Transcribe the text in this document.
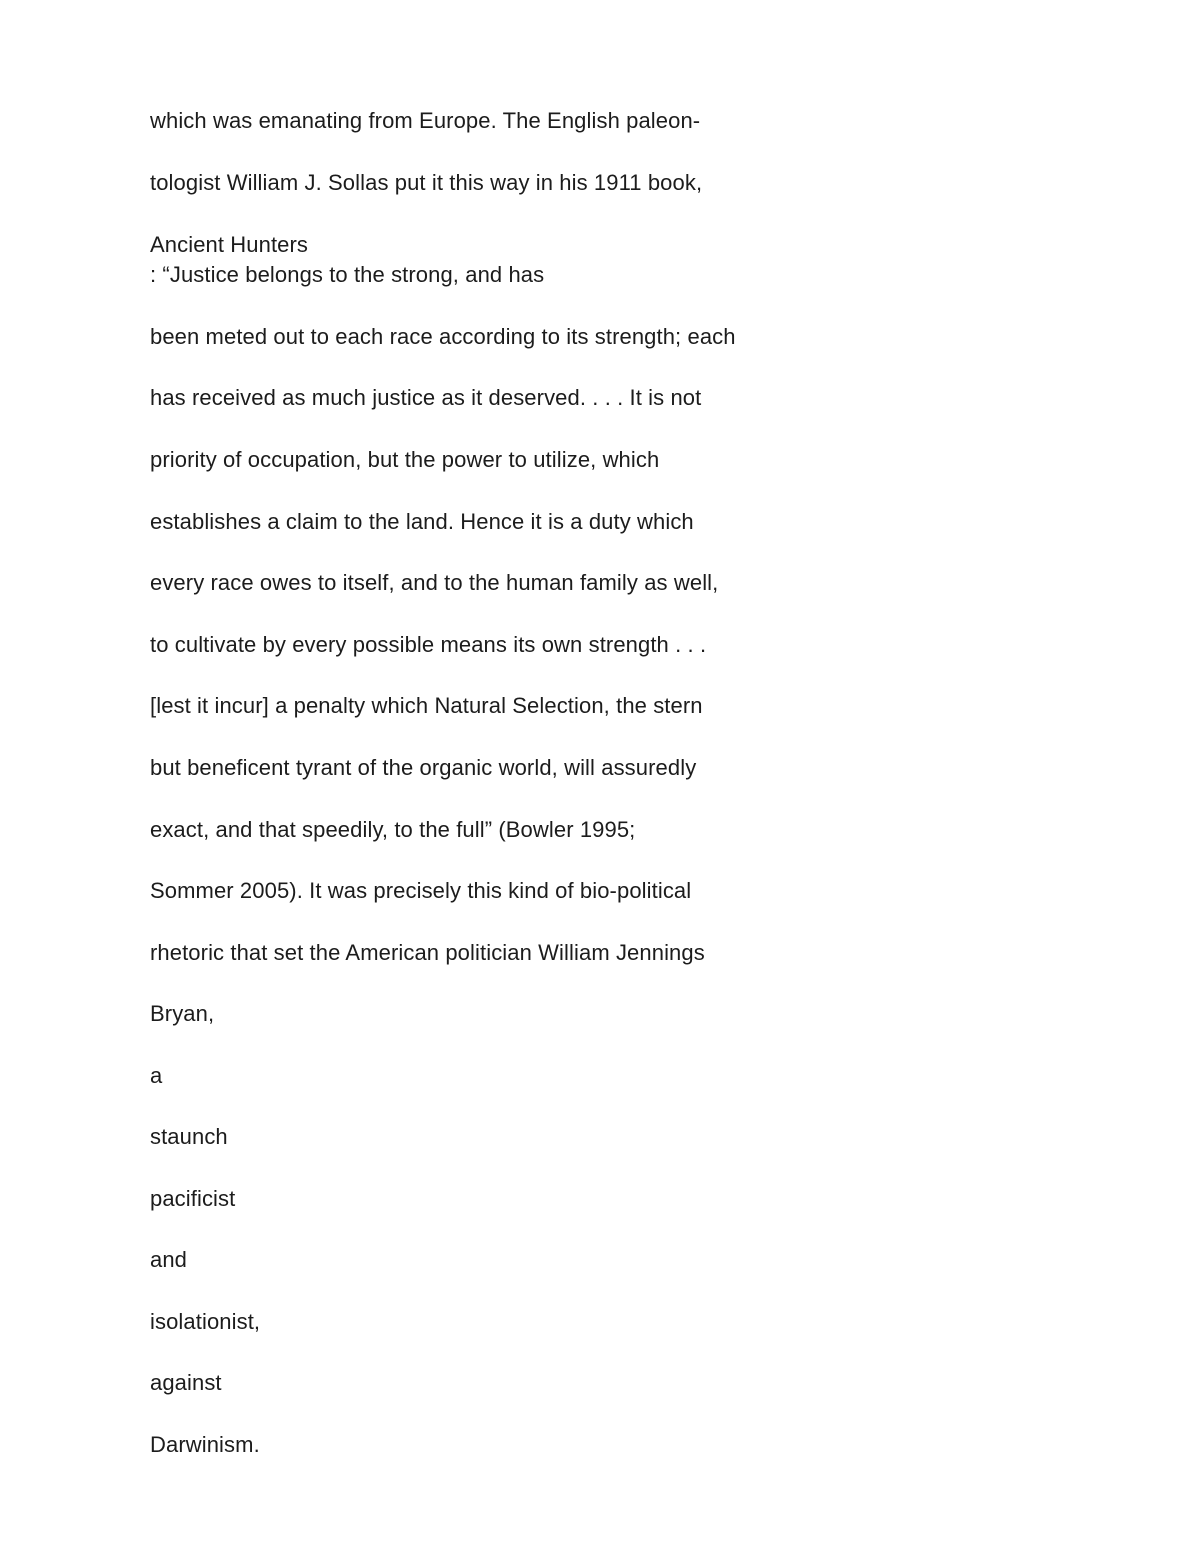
which was emanating from Europe. The English paleon-
tologist William J. Sollas put it this way in his 1911 book,
Ancient Hunters
: “Justice belongs to the strong, and has
been meted out to each race according to its strength; each
has received as much justice as it deserved. . . . It is not
priority of occupation, but the power to utilize, which
establishes a claim to the land. Hence it is a duty which
every race owes to itself, and to the human family as well,
to cultivate by every possible means its own strength . . .
[lest it incur] a penalty which Natural Selection, the stern
but beneficent tyrant of the organic world, will assuredly
exact, and that speedily, to the full” (Bowler 1995;
Sommer 2005). It was precisely this kind of bio-political
rhetoric that set the American politician William Jennings
Bryan,
a
staunch
pacificist
and
isolationist,
against
Darwinism.
